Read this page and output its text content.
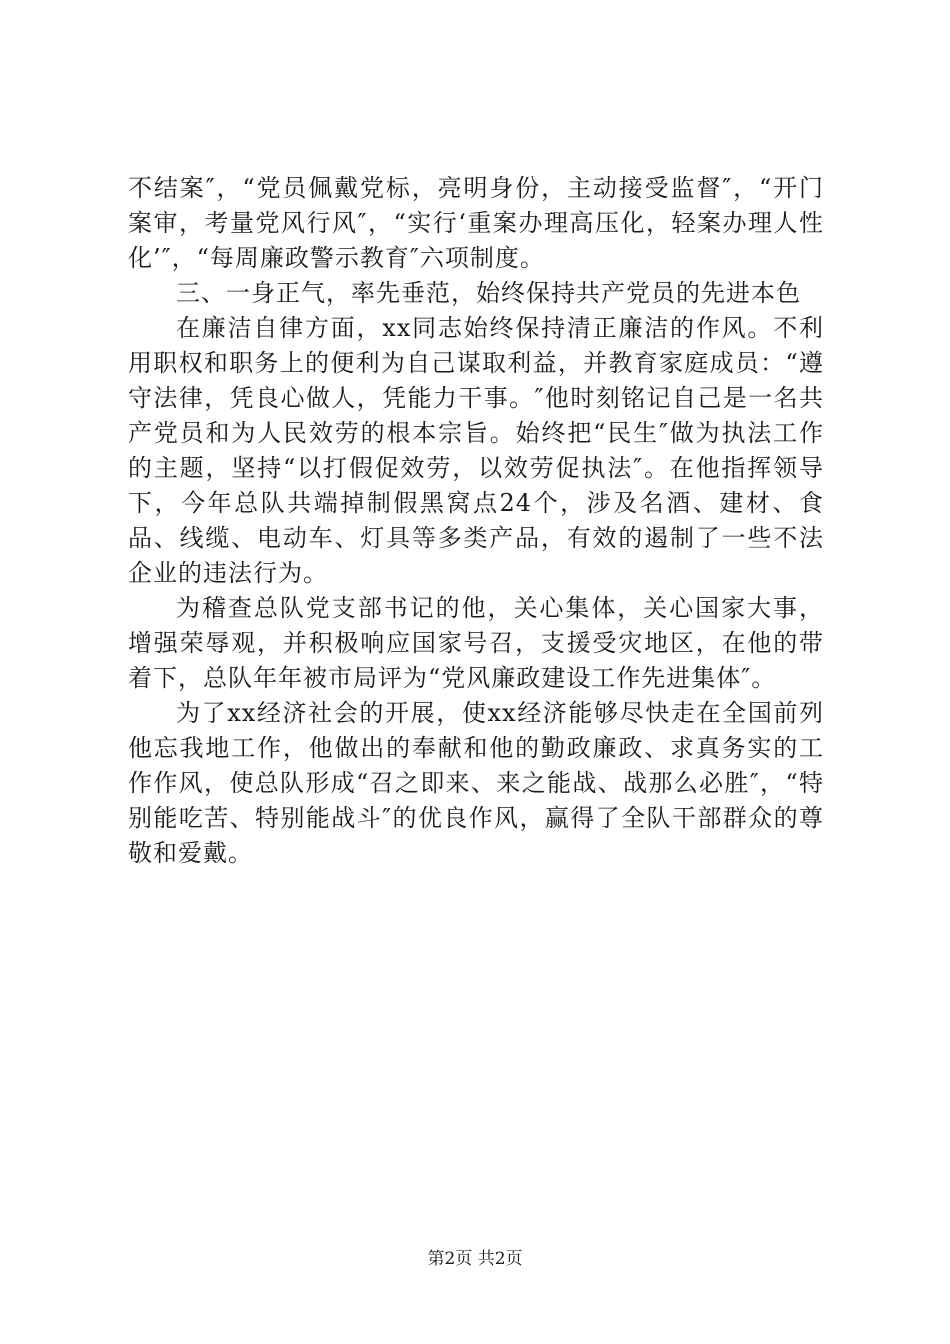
不结案″，“党员佩戴党标，亮明身份，主动接受监督″，“开门案审，考量党风行风″，“实行‘重案办理高压化，轻案办理人性化’″，“每周廉政警示教育″六项制度。

三、一身正气，率先垂范，始终保持共产党员的先进本色

在廉洁自律方面，xx同志始终保持清正廉洁的作风。不利用职权和职务上的便利为自己谋取利益，并教育家庭成员：“遵守法律，凭良心做人，凭能力干事。″他时刻铭记自己是一名共产党员和为人民效劳的根本宗旨。始终把“民生″做为执法工作的主题，坚持“以打假促效劳，以效劳促执法″。在他指挥领导下，今年总队共端掉制假黑窝点24个，涉及名酒、建材、食品、线缆、电动车、灯具等多类产品，有效的遏制了一些不法企业的违法行为。

为稽查总队党支部书记的他，关心集体，关心国家大事，增强荣辱观，并积极响应国家号召，支援受灾地区，在他的带着下，总队年年被市局评为“党风廉政建设工作先进集体″。

为了xx经济社会的开展，使xx经济能够尽快走在全国前列他忘我地工作，他做出的奉献和他的勤政廉政、求真务实的工作作风，使总队形成“召之即来、来之能战、战那么必胜″，“特别能吃苦、特别能战斗″的优良作风，赢得了全队干部群众的尊敬和爱戴。

第2页 共2页
